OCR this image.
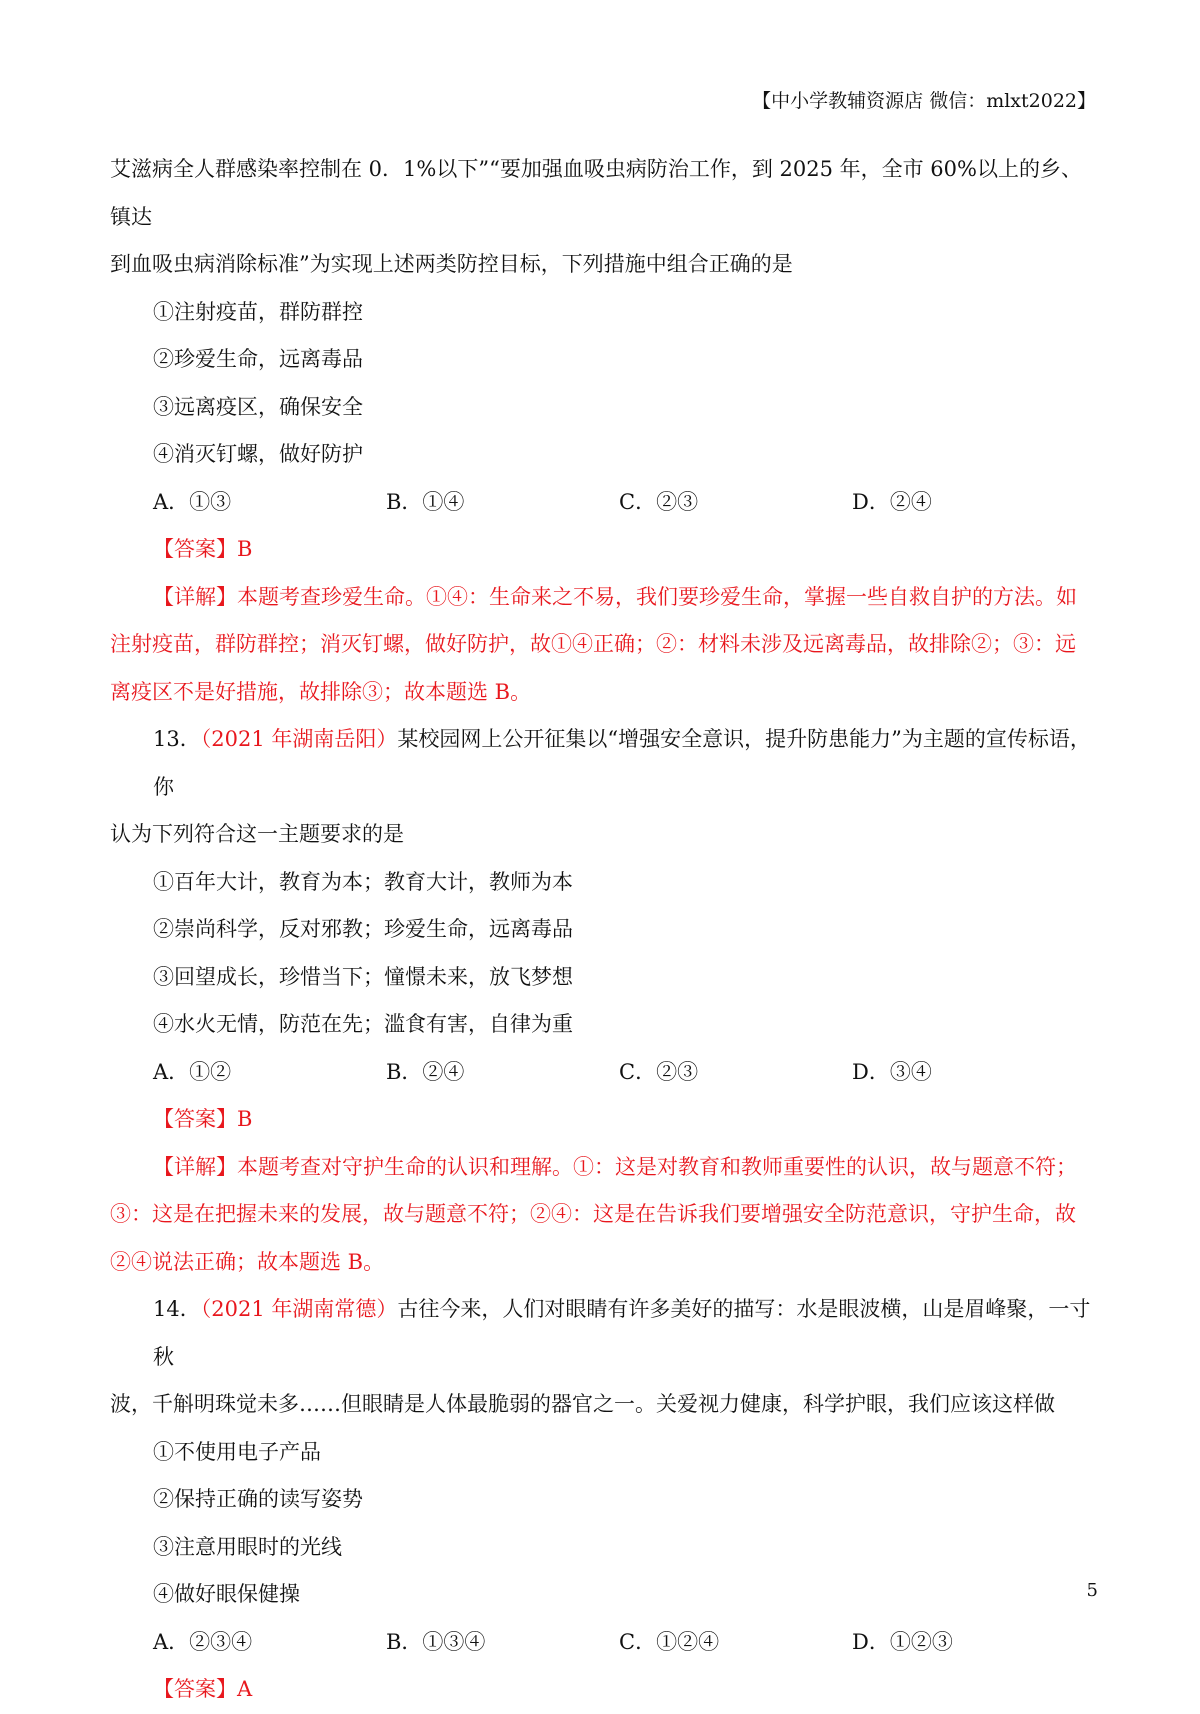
【中小学教辅资源店 微信：mlxt2022】

艾滋病全人群感染率控制在 0．1%以下”“要加强血吸虫病防治工作，到 2025 年，全市 60%以上的乡、镇达

到血吸虫病消除标准”为实现上述两类防控目标，下列措施中组合正确的是

①注射疫苗，群防群控

②珍爱生命，远离毒品

③远离疫区，确保安全

④消灭钉螺，做好防护

A．①③	B．①④	C．②③	D．②④

【答案】B

【详解】本题考查珍爱生命。①④：生命来之不易，我们要珍爱生命，掌握一些自救自护的方法。如

注射疫苗，群防群控；消灭钉螺，做好防护，故①④正确；②：材料未涉及远离毒品，故排除②；③：远

离疫区不是好措施，故排除③；故本题选 B。

13．（2021 年湖南岳阳）某校园网上公开征集以“增强安全意识，提升防患能力”为主题的宣传标语，你

认为下列符合这一主题要求的是

①百年大计，教育为本；教育大计，教师为本

②崇尚科学，反对邪教；珍爱生命，远离毒品

③回望成长，珍惜当下；憧憬未来，放飞梦想

④水火无情，防范在先；滥食有害，自律为重

A．①②	B．②④	C．②③	D．③④

【答案】B

【详解】本题考查对守护生命的认识和理解。①：这是对教育和教师重要性的认识，故与题意不符；

③：这是在把握未来的发展，故与题意不符；②④：这是在告诉我们要增强安全防范意识，守护生命，故

②④说法正确；故本题选 B。

14．（2021 年湖南常德）古往今来，人们对眼睛有许多美好的描写：水是眼波横，山是眉峰聚，一寸秋

波，千斛明珠觉未多……但眼睛是人体最脆弱的器官之一。关爱视力健康，科学护眼，我们应该这样做

①不使用电子产品

②保持正确的读写姿势

③注意用眼时的光线

④做好眼保健操

A．②③④	B．①③④	C．①②④	D．①②③

【答案】A

5
